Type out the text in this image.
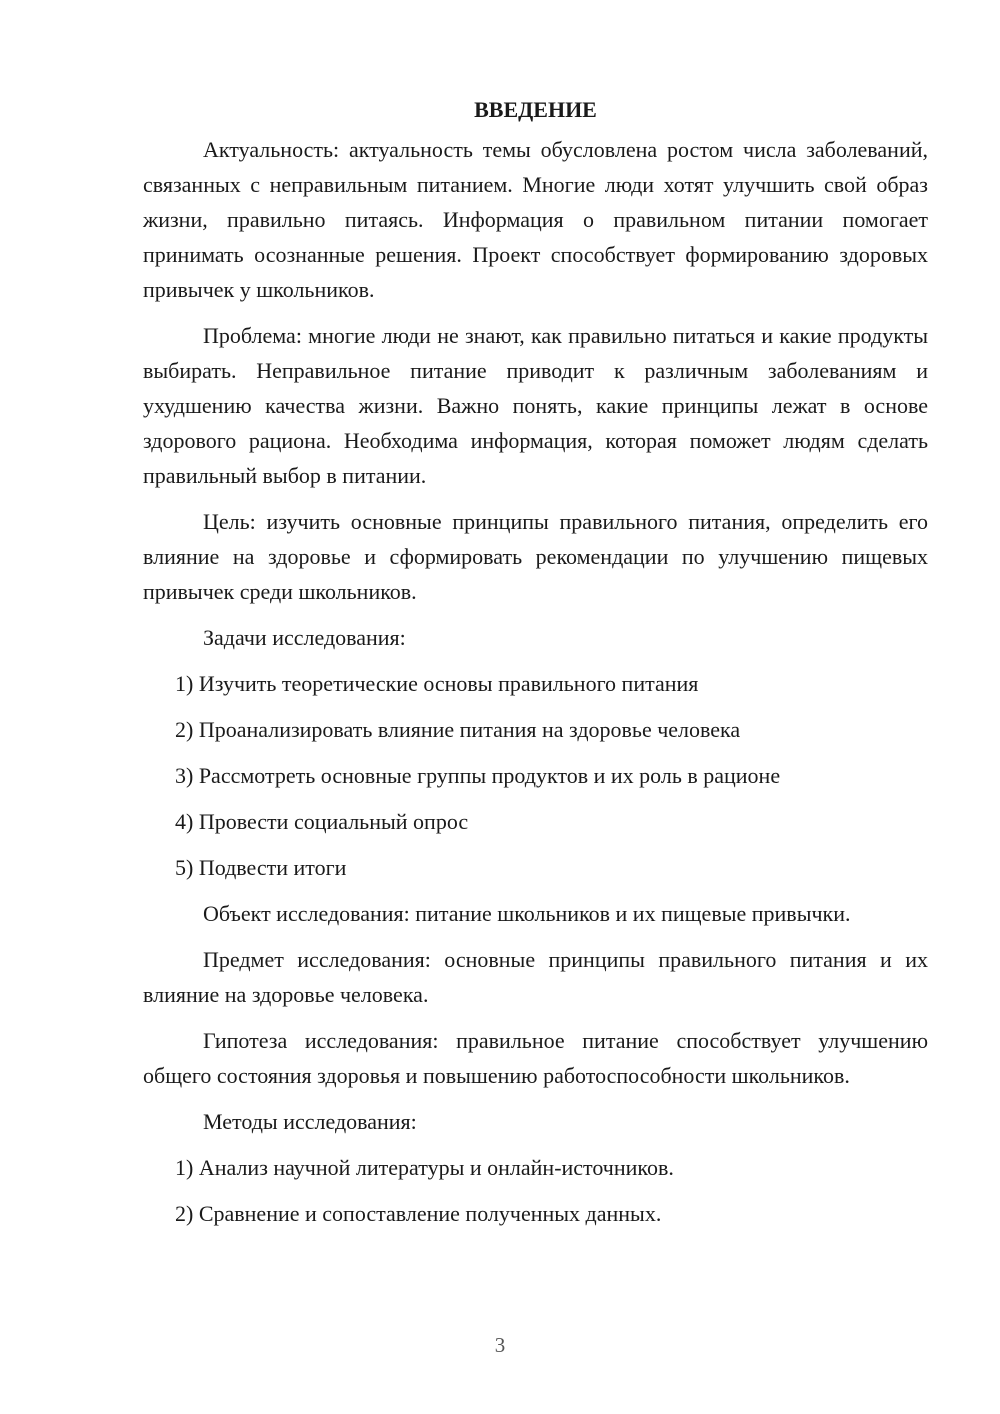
ВВЕДЕНИЕ

Актуальность: актуальность темы обусловлена ростом числа заболеваний, связанных с неправильным питанием. Многие люди хотят улучшить свой образ жизни, правильно питаясь. Информация о правильном питании помогает принимать осознанные решения. Проект способствует формированию здоровых привычек у школьников.

Проблема: многие люди не знают, как правильно питаться и какие продукты выбирать. Неправильное питание приводит к различным заболеваниям и ухудшению качества жизни. Важно понять, какие принципы лежат в основе здорового рациона. Необходима информация, которая поможет людям сделать правильный выбор в питании.

Цель: изучить основные принципы правильного питания, определить его влияние на здоровье и сформировать рекомендации по улучшению пищевых привычек среди школьников.

Задачи исследования:

1) Изучить теоретические основы правильного питания
2) Проанализировать влияние питания на здоровье человека
3) Рассмотреть основные группы продуктов и их роль в рационе
4) Провести социальный опрос
5) Подвести итоги

Объект исследования: питание школьников и их пищевые привычки.

Предмет исследования: основные принципы правильного питания и их влияние на здоровье человека.

Гипотеза исследования: правильное питание способствует улучшению общего состояния здоровья и повышению работоспособности школьников.

Методы исследования:

1) Анализ научной литературы и онлайн-источников.
2) Сравнение и сопоставление полученных данных.
3
